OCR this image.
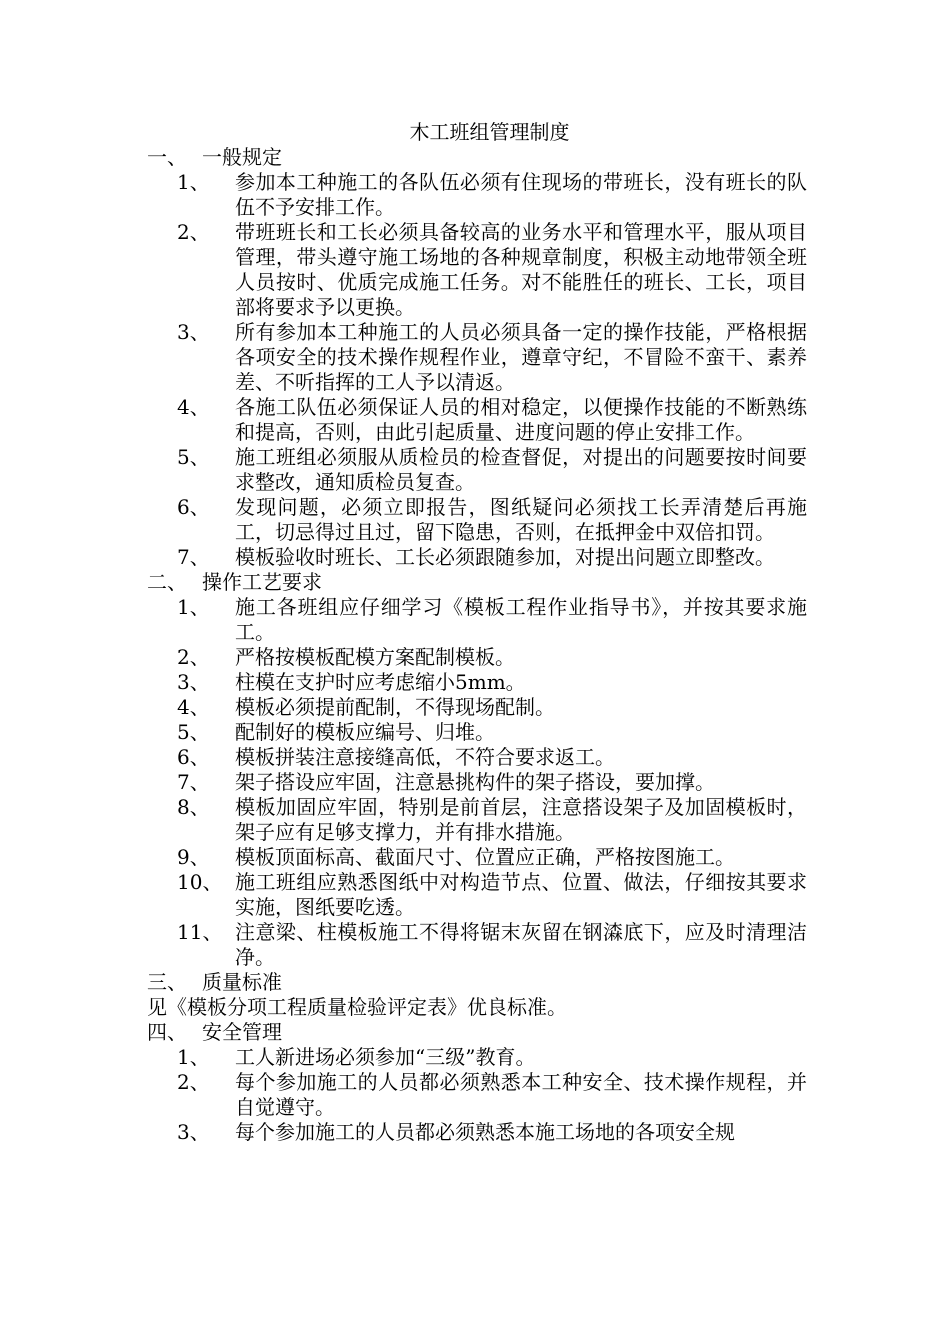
木工班组管理制度
一、 一般规定
1、	参加本工种施工的各队伍必须有住现场的带班长，没有班长的队伍不予安排工作。
2、	带班班长和工长必须具备较高的业务水平和管理水平，服从项目管理，带头遵守施工场地的各种规章制度，积极主动地带领全班人员按时、优质完成施工任务。对不能胜任的班长、工长，项目部将要求予以更换。
3、	所有参加本工种施工的人员必须具备一定的操作技能，严格根据各项安全的技术操作规程作业，遵章守纪，不冒险不蛮干、素养差、不听指挥的工人予以清返。
4、	各施工队伍必须保证人员的相对稳定，以便操作技能的不断熟练和提高，否则，由此引起质量、进度问题的停止安排工作。
5、	施工班组必须服从质检员的检查督促，对提出的问题要按时间要求整改，通知质检员复查。
6、	发现问题，必须立即报告，图纸疑问必须找工长弄清楚后再施工，切忌得过且过，留下隐患，否则，在抵押金中双倍扣罚。
7、	模板验收时班长、工长必须跟随参加，对提出问题立即整改。
二、 操作工艺要求
1、	施工各班组应仔细学习《模板工程作业指导书》，并按其要求施工。
2、	严格按模板配模方案配制模板。
3、	柱模在支护时应考虑缩小5mm。
4、	模板必须提前配制，不得现场配制。
5、	配制好的模板应编号、归堆。
6、	模板拼装注意接缝高低，不符合要求返工。
7、	架子搭设应牢固，注意悬挑构件的架子搭设，要加撑。
8、	模板加固应牢固，特别是前首层，注意搭设架子及加固模板时，架子应有足够支撑力，并有排水措施。
9、	模板顶面标高、截面尺寸、位置应正确，严格按图施工。
10、 施工班组应熟悉图纸中对构造节点、位置、做法，仔细按其要求实施，图纸要吃透。
11、 注意梁、柱模板施工不得将锯末灰留在钢潹底下，应及时清理洁净。
三、 质量标准
见《模板分项工程质量检验评定表》优良标准。
四、 安全管理
1、	工人新进场必须参加“三级”教育。
2、	每个参加施工的人员都必须熟悉本工种安全、技术操作规程，并自觉遵守。
3、	每个参加施工的人员都必须熟悉本施工场地的各项安全规
